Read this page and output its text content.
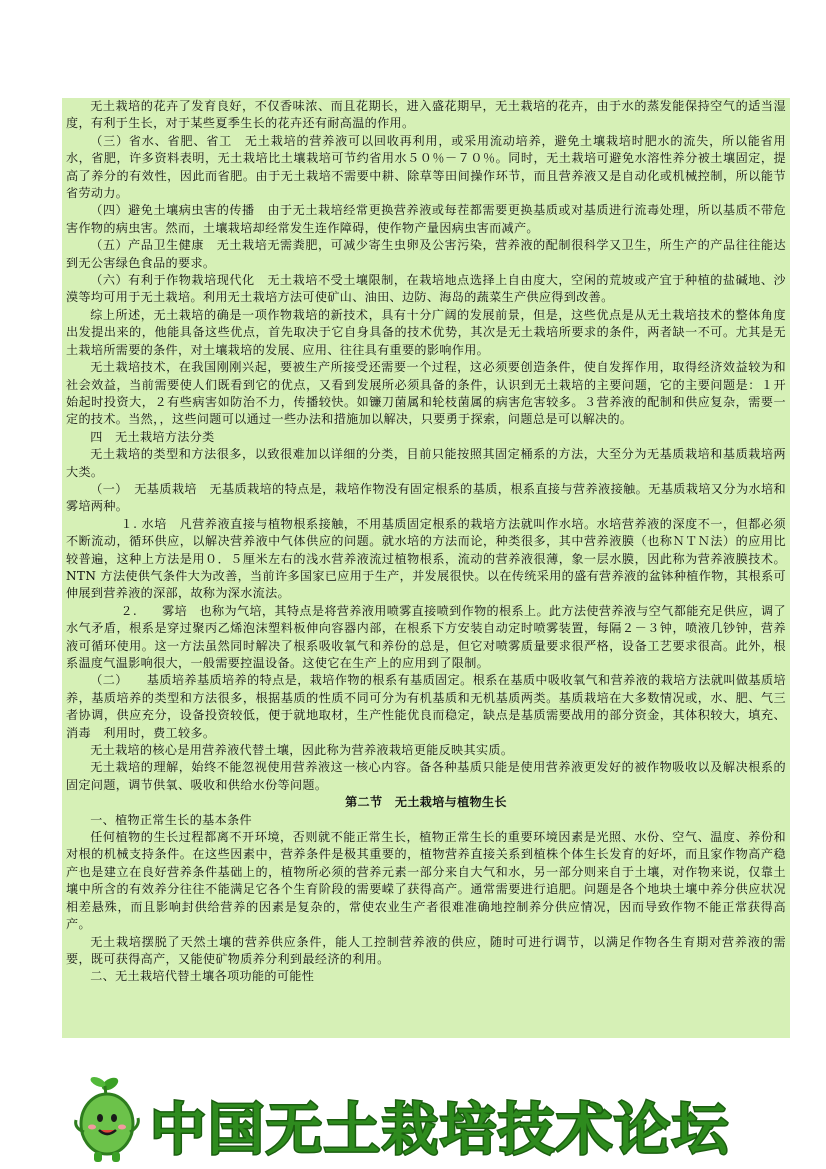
无土栽培的花卉了发育良好，不仅香味浓、而且花期长，进入盛花期早，无土栽培的花卉，由于水的蒸发能保持空气的适当湿度，有利于生长，对于某些夏季生长的花卉还有耐高温的作用。

（三）省水、省肥、省工　无土栽培的营养液可以回收再利用，或采用流动培养，避免土壤栽培时肥水的流失，所以能省用水，省肥，许多资料表明，无土栽培比土壤栽培可节约省用水５０％－７０％。同时，无土栽培可避免水溶性养分被土壤固定，提高了养分的有效性，因此而省肥。由于无土栽培不需要中耕、除草等田间操作环节，而且营养液又是自动化或机械控制，所以能节省劳动力。

（四）避免土壤病虫害的传播　由于无土栽培经常更换营养液或每茬都需要更换基质或对基质进行流毒处理，所以基质不带危害作物的病虫害。然而，土壤栽培却经常发生连作障碍，使作物产量因病虫害而减产。

（五）产品卫生健康　无土栽培无需粪肥，可减少寄生虫卵及公害污染，营养液的配制很科学又卫生，所生产的产品往往能达到无公害绿色食品的要求。

（六）有利于作物栽培现代化　无土栽培不受土壤限制，在栽培地点选择上自由度大，空闲的荒坡或产宜于种植的盐碱地、沙漠等均可用于无土栽培。利用无土栽培方法可使矿山、油田、边防、海岛的蔬菜生产供应得到改善。

综上所述，无土栽培的确是一项作物栽培的新技术，具有十分广阔的发展前景，但是，这些优点是从无土栽培技术的整体角度出发提出来的，他能具备这些优点，首先取决于它自身具备的技术优势，其次是无土栽培所要求的条件，两者缺一不可。尤其是无土栽培所需要的条件，对土壤栽培的发展、应用、往往具有重要的影响作用。

无土栽培技术，在我国刚刚兴起，要被生产所接受还需要一个过程，这必须要创造条件，使自发挥作用，取得经济效益较为和社会效益，当前需要使人们既看到它的优点，又看到发展所必须具备的条件，认识到无土栽培的主要问题，它的主要问题是：１开始起时投资大，２有些病害如防治不力，传播较快。如镰刀菌属和轮枝菌属的病害危害较多。３营养液的配制和供应复杂，需要一定的技术。当然，，这些问题可以通过一些办法和措施加以解决，只要勇于探索，问题总是可以解决的。

四　无土栽培方法分类

无土栽培的类型和方法很多，以致很难加以详细的分类，目前只能按照其固定桶系的方法，大至分为无基质栽培和基质栽培两大类。

（一）　无基质栽培　无基质栽培的特点是，栽培作物没有固定根系的基质，根系直接与营养液接触。无基质栽培又分为水培和雾培两种。

１. 水培　凡营养液直接与植物根系接触，不用基质固定根系的栽培方法就叫作水培。水培营养液的深度不一，但都必须不断流动，循环供应，以解决营养液中气体供应的问题。就水培的方法而论，种类很多，其中营养液膜（也称ＮＴＮ法）的应用比较普遍，这种上方法是用０．５厘米左右的浅水营养液流过植物根系，流动的营养液很薄，象一层水膜，因此称为营养液膜技术。NTN 方法使供气条件大为改善，当前许多国家已应用于生产，并发展很快。以在传统采用的盛有营养液的盆钵种植作物，其根系可伸展到营养液的深部，故称为深水流法。

２.　　雾培　也称为气培，其特点是将营养液用喷雾直接喷到作物的根系上。此方法使营养液与空气都能充足供应，调了水气矛盾，根系是穿过聚丙乙烯泡沫塑料板伸向容器内部，在根系下方安装自动定时喷雾装置，每隔２－３钟，喷液几钞钟，营养液可循环使用。这一方法虽然同时解决了根系吸收氧气和养份的总是，但它对喷雾质量要求很严格，设备工艺要求很高。此外，根系温度气温影响很大，一般需要控温设备。这使它在生产上的应用到了限制。

（二）　　基质培养基质培养的特点是，栽培作物的根系有基质固定。根系在基质中吸收氧气和营养液的栽培方法就叫做基质培养，基质培养的类型和方法很多，根据基质的性质不同可分为有机基质和无机基质两类。基质栽培在大多数情况或，水、肥、气三者协调，供应充分，设备投资较低，便于就地取材，生产性能优良而稳定，缺点是基质需要战用的部分资金，其体积较大，填充、消毒　利用时，费工较多。

无土栽培的核心是用营养液代替土壤，因此称为营养液栽培更能反映其实质。

无土栽培的理解，始终不能忽视使用营养液这一核心内容。备各种基质只能是使用营养液更发好的被作物吸收以及解决根系的固定问题，调节供氧、吸收和供给水份等问题。

第二节　无土栽培与植物生长

一、植物正常生长的基本条件

任何植物的生长过程都离不开环境，否则就不能正常生长，植物正常生长的重要环境因素是光照、水份、空气、温度、养份和对根的机械支持条件。在这些因素中，营养条件是极其重要的，植物营养直接关系到植株个体生长发育的好坏，而且家作物高产稳产也是建立在良好营养条件基础上的，植物所必须的营养元素一部分来自大气和水，另一部分则来自于土壤，对作物来说，仅靠土壤中所含的有效养分往往不能满足它各个生育阶段的需要嵘了获得高产。通常需要进行追肥。问题是各个地块土壤中养分供应状况相差悬殊，而且影响封供给营养的因素是复杂的，常使农业生产者很难准确地控制养分供应情况，因而导致作物不能正常获得高产。

无土栽培摆脱了天然土壤的营养供应条件，能人工控制营养液的供应，随时可进行调节，以满足作物各生育期对营养液的需要，既可获得高产，又能使矿物质养分利到最经济的利用。

二、无土栽培代替土壤各项功能的可能性

中国无土栽培技术论坛
